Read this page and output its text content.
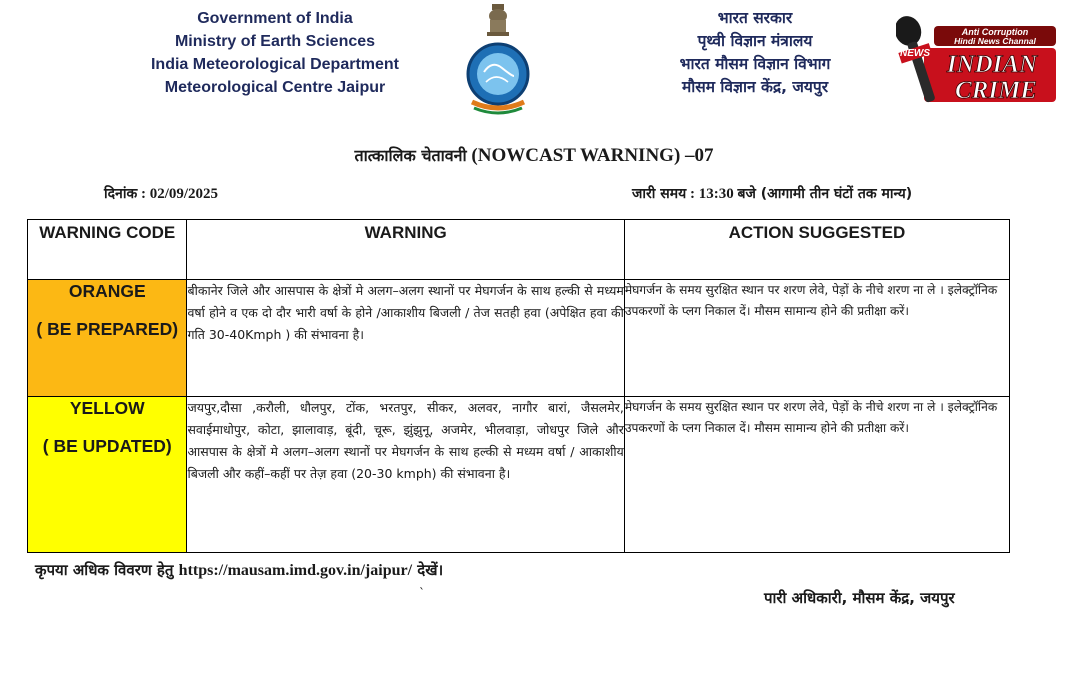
Government of India
Ministry of Earth Sciences
India Meteorological Department
Meteorological Centre Jaipur
भारत सरकार
पृथ्वी विज्ञान मंत्रालय
भारत मौसम विज्ञान विभाग
मौसम विज्ञान केंद्र, जयपुर
Anti Corruption
Hindi News Channal
INDIAN
CRIME
NEWS
तात्कालिक चेतावनी (NOWCAST WARNING) –07
दिनांक : 02/09/2025	जारी समय : 13:30 बजे (आगामी तीन घंटों तक मान्य)
WARNING CODE	WARNING	ACTION SUGGESTED

ORANGE
( BE PREPARED)	बीकानेर जिले और आसपास के क्षेत्रों मे अलग–अलग स्थानों पर मेघगर्जन के साथ हल्की से मध्यम वर्षा होने व एक दो दौर भारी वर्षा के होने /आकाशीय बिजली / तेज सतही हवा (अपेक्षित हवा की गति 30-40Kmph ) की संभावना है।	मेघगर्जन के समय सुरक्षित स्थान पर शरण लेवे, पेड़ों के नीचे शरण ना ले । इलेक्ट्रॉनिक उपकरणों के प्लग निकाल दें। मौसम सामान्य होने की प्रतीक्षा करें।

YELLOW
( BE UPDATED)	जयपुर,दौसा ,करौली, धौलपुर, टोंक, भरतपुर, सीकर, अलवर, नागौर बारां, जैसलमेर, सवाईमाधोपुर, कोटा, झालावाड़, बूंदी, चूरू, झुंझुनू, अजमेर, भीलवाड़ा, जोधपुर जिले और आसपास के क्षेत्रों मे अलग–अलग स्थानों पर मेघगर्जन के साथ हल्की से मध्यम वर्षा / आकाशीय बिजली और कहीं–कहीं पर तेज़ हवा (20-30 kmph) की संभावना है।	मेघगर्जन के समय सुरक्षित स्थान पर शरण लेवे, पेड़ों के नीचे शरण ना ले । इलेक्ट्रॉनिक उपकरणों के प्लग निकाल दें। मौसम सामान्य होने की प्रतीक्षा करें।
कृपया अधिक विवरण हेतु https://mausam.imd.gov.in/jaipur/ देखें।
`	पारी अधिकारी, मौसम केंद्र, जयपुर
